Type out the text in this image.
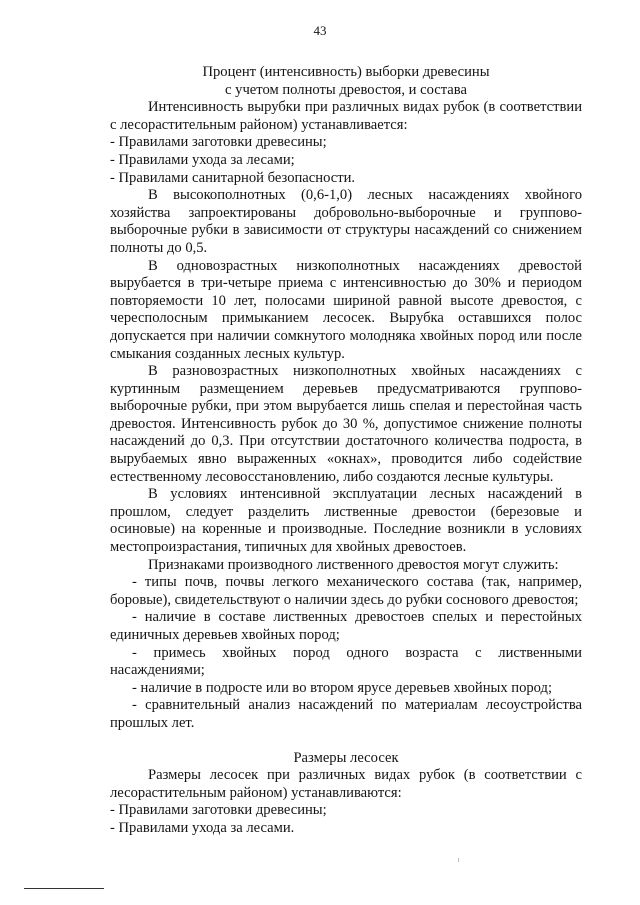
43

Процент (интенсивность) выборки древесины

с учетом полноты древостоя, и состава

Интенсивность вырубки при различных видах рубок (в соответствии с лесорастительным районом) устанавливается:

- Правилами заготовки древесины;

- Правилами ухода за лесами;

- Правилами санитарной безопасности.

В высокополнотных (0,6-1,0) лесных насаждениях хвойного хозяйства запроектированы добровольно-выборочные и группово-выборочные рубки в зависимости от структуры насаждений со снижением полноты до 0,5.

В одновозрастных низкополнотных насаждениях древостой вырубается в три-четыре приема с интенсивностью до 30% и периодом повторяемости 10 лет, полосами шириной равной высоте древостоя, с чересполосным примыканием лесосек. Вырубка оставшихся полос допускается при наличии сомкнутого молодняка хвойных пород или после смыкания созданных лесных культур.

В разновозрастных низкополнотных хвойных насаждениях с куртинным размещением деревьев предусматриваются группово-выборочные рубки, при этом вырубается лишь спелая и перестойная часть древостоя. Интенсивность рубок до 30 %, допустимое снижение полноты насаждений до 0,3. При отсутствии достаточного количества подроста, в вырубаемых явно выраженных «окнах», проводится либо содействие естественному лесовосстановлению, либо создаются лесные культуры.

В условиях интенсивной эксплуатации лесных насаждений в прошлом, следует разделить лиственные древостои (березовые и осиновые) на коренные и производные. Последние возникли в условиях местопроизрастания, типичных для хвойных древостоев.

Признаками производного лиственного древостоя могут служить:

- типы почв, почвы легкого механического состава (так, например, боровые), свидетельствуют о наличии здесь до рубки соснового древостоя;

- наличие в составе лиственных древостоев спелых и перестойных единичных деревьев хвойных пород;

- примесь хвойных пород одного возраста с лиственными насаждениями;

- наличие в подросте или во втором ярусе деревьев хвойных пород;

- сравнительный анализ насаждений по материалам лесоустройства прошлых лет.

Размеры лесосек

Размеры лесосек при различных видах рубок (в соответствии с лесорастительным районом) устанавливаются:

- Правилами заготовки древесины;

- Правилами ухода за лесами.
